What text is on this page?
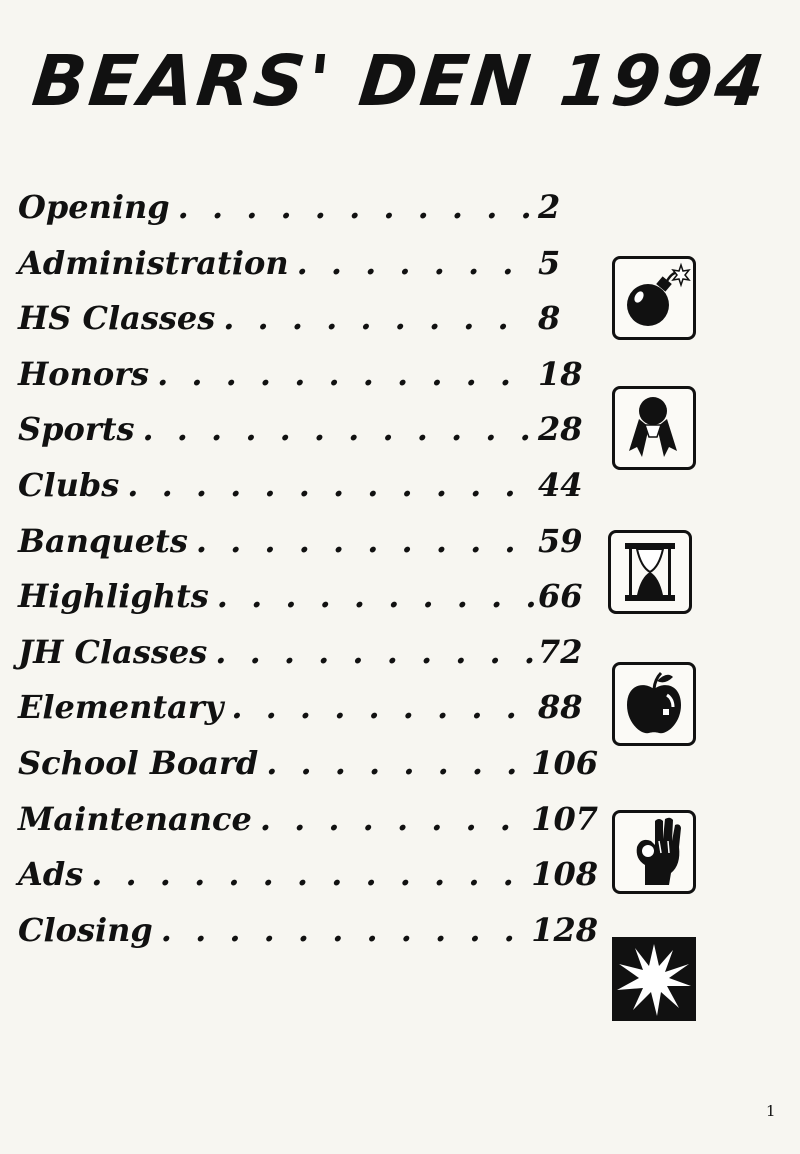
BEARS' DEN 1994
Opening . . .	2
Administration . . .	5
HS Classes . . .	8
Honors . . .	18
Sports . . .	28
Clubs . . .	44
Banquets . . .	59
Highlights . . .	66
JH Classes . . .	72
Elementary . . .	88
School Board . . .	106
Maintenance . . .	107
Ads . . .	108
Closing . . .	128
1
